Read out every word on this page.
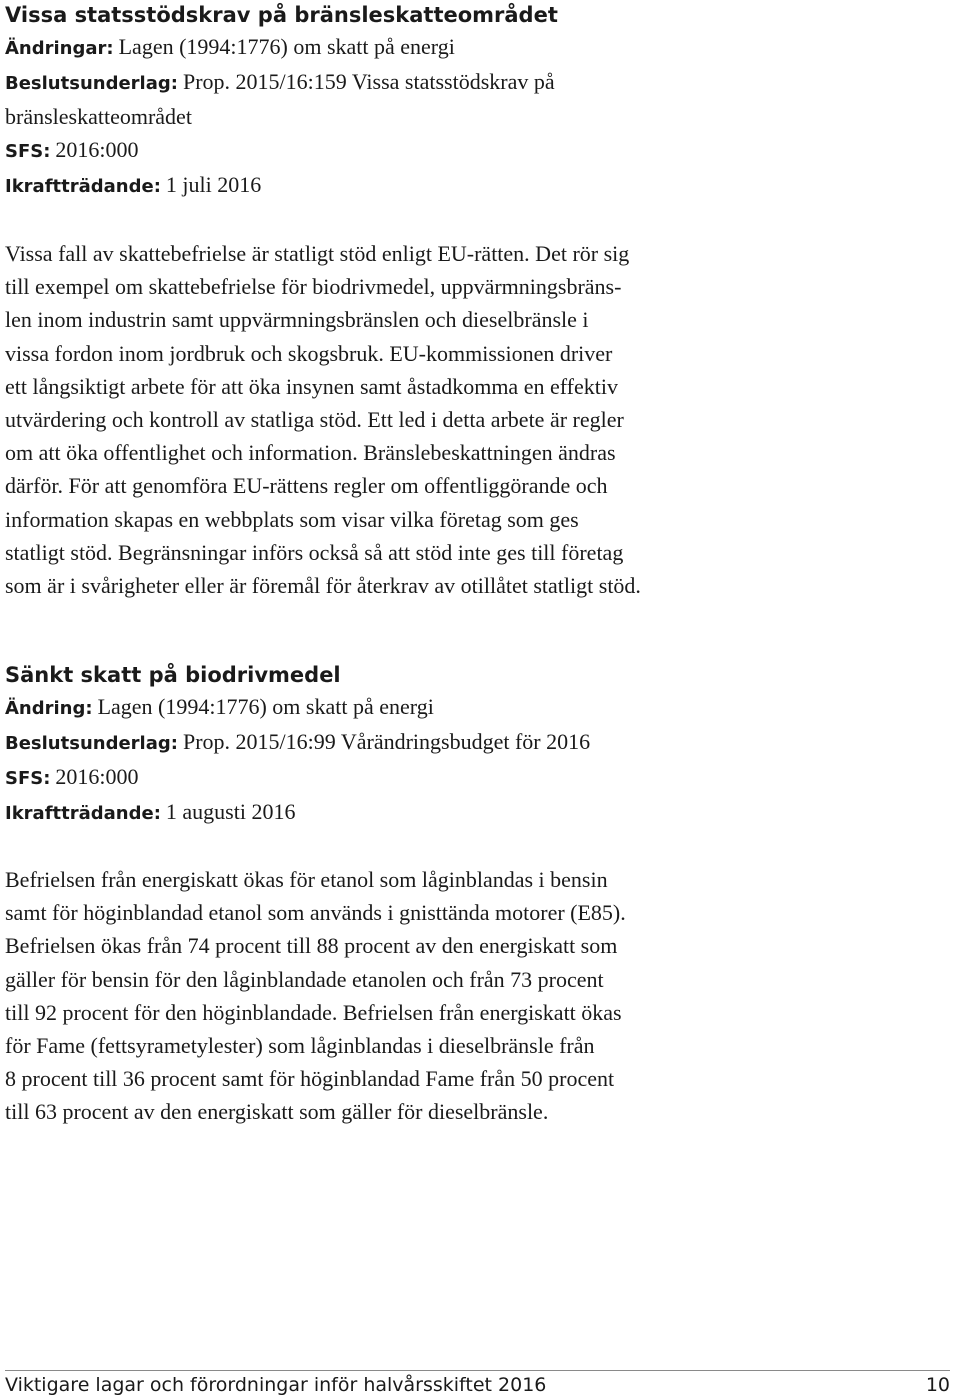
Vissa statsstödskrav på bränsleskatteområdet

Ändringar: Lagen (1994:1776) om skatt på energi

Beslutsunderlag: Prop. 2015/16:159 Vissa statsstödskrav på

bränsleskatteområdet

SFS: 2016:000

Ikraftträdande: 1 juli 2016

Vissa fall av skattebefrielse är statligt stöd enligt EU-rätten. Det rör sig
till exempel om skattebefrielse för biodrivmedel, uppvärmningsbräns-
len inom industrin samt uppvärmningsbränslen och dieselbränsle i
vissa fordon inom jordbruk och skogsbruk. EU-kommissionen driver
ett långsiktigt arbete för att öka insynen samt åstadkomma en effektiv
utvärdering och kontroll av statliga stöd. Ett led i detta arbete är regler
om att öka offentlighet och information. Bränslebeskattningen ändras
därför. För att genomföra EU-rättens regler om offentliggörande och
information skapas en webbplats som visar vilka företag som ges
statligt stöd. Begränsningar införs också så att stöd inte ges till företag
som är i svårigheter eller är föremål för återkrav av otillåtet statligt stöd.

Sänkt skatt på biodrivmedel

Ändring: Lagen (1994:1776) om skatt på energi

Beslutsunderlag: Prop. 2015/16:99 Vårändringsbudget för 2016

SFS: 2016:000

Ikraftträdande: 1 augusti 2016

Befrielsen från energiskatt ökas för etanol som låginblandas i bensin
samt för höginblandad etanol som används i gnisttända motorer (E85).
Befrielsen ökas från 74 procent till 88 procent av den energiskatt som
gäller för bensin för den låginblandade etanolen och från 73 procent
till 92 procent för den höginblandade. Befrielsen från energiskatt ökas
för Fame (fettsyrametylester) som låginblandas i dieselbränsle från
8 procent till 36 procent samt för höginblandad Fame från 50 procent
till 63 procent av den energiskatt som gäller för dieselbränsle.

Viktigare lagar och förordningar inför halvårsskiftet 2016	10
